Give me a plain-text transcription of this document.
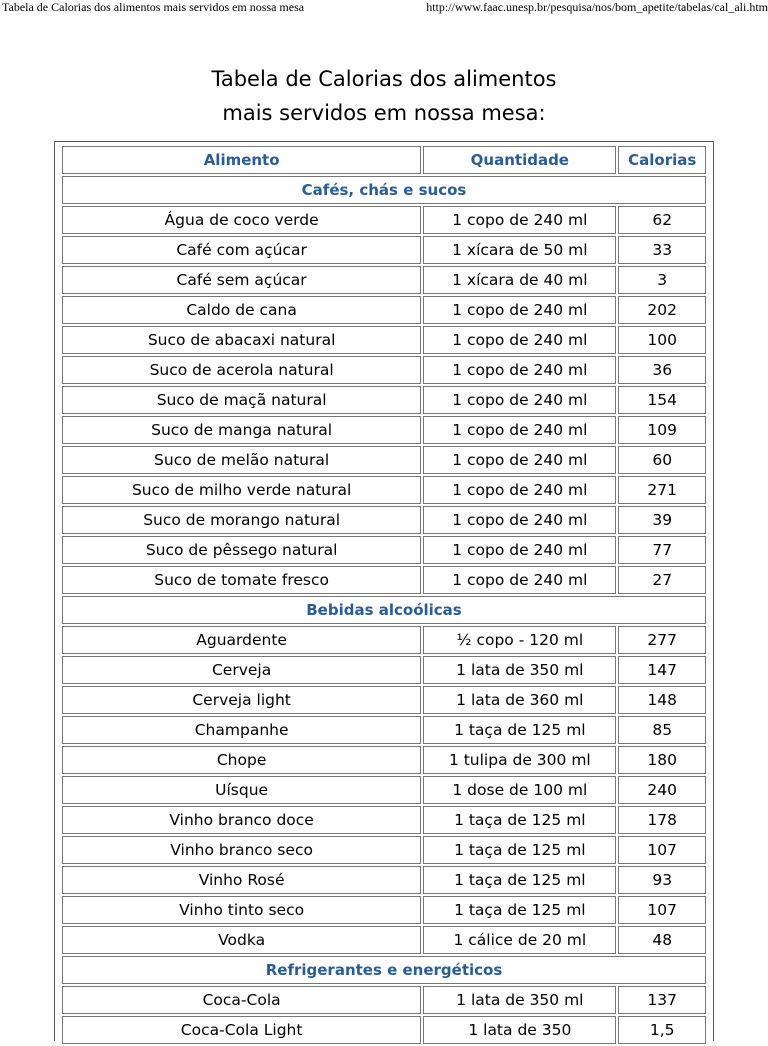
Tabela de Calorias dos alimentos mais servidos em nossa mesa	http://www.faac.unesp.br/pesquisa/nos/bom_apetite/tabelas/cal_ali.htm
Tabela de Calorias dos alimentos
mais servidos em nossa mesa:
Alimento	Quantidade	Calorias
Cafés, chás e sucos		
Água de coco verde	1 copo de 240 ml	62
Café com açúcar	1 xícara de 50 ml	33
Café sem açúcar	1 xícara de 40 ml	3
Caldo de cana	1 copo de 240 ml	202
Suco de abacaxi natural	1 copo de 240 ml	100
Suco de acerola natural	1 copo de 240 ml	36
Suco de maçã natural	1 copo de 240 ml	154
Suco de manga natural	1 copo de 240 ml	109
Suco de melão natural	1 copo de 240 ml	60
Suco de milho verde natural	1 copo de 240 ml	271
Suco de morango natural	1 copo de 240 ml	39
Suco de pêssego natural	1 copo de 240 ml	77
Suco de tomate fresco	1 copo de 240 ml	27
Bebidas alcoólicas		
Aguardente	½ copo - 120 ml	277
Cerveja	1 lata de 350 ml	147
Cerveja light	1 lata de 360 ml	148
Champanhe	1 taça de 125 ml	85
Chope	1 tulipa de 300 ml	180
Uísque	1 dose de 100 ml	240
Vinho branco doce	1 taça de 125 ml	178
Vinho branco seco	1 taça de 125 ml	107
Vinho Rosé	1 taça de 125 ml	93
Vinho tinto seco	1 taça de 125 ml	107
Vodka	1 cálice de 20 ml	48
Refrigerantes e energéticos		
Coca-Cola	1 lata de 350 ml	137
Coca-Cola Light	1 lata de 350	1,5
